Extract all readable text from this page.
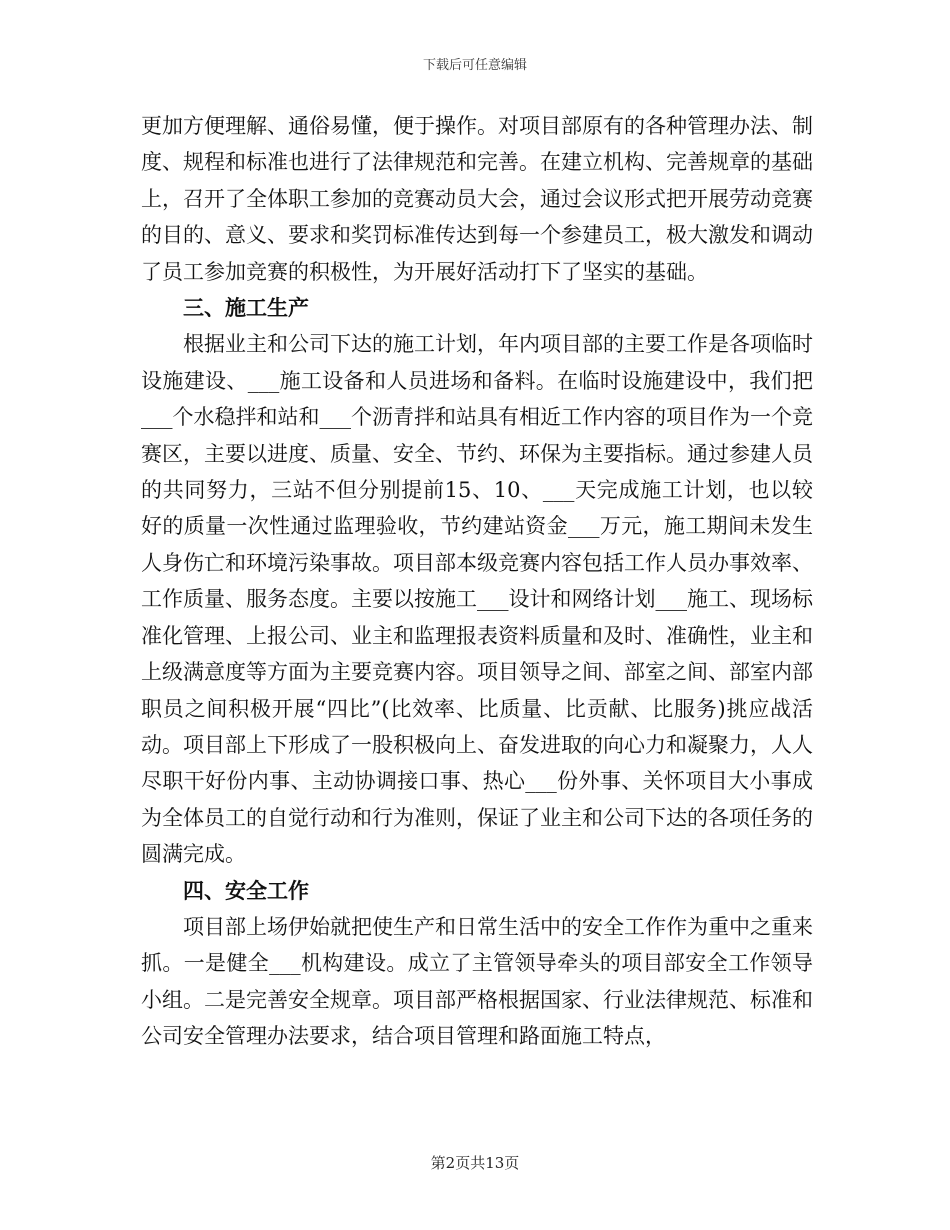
下载后可任意编辑

更加方便理解、通俗易懂，便于操作。对项目部原有的各种管理办法、制度、规程和标准也进行了法律规范和完善。在建立机构、完善规章的基础上，召开了全体职工参加的竞赛动员大会，通过会议形式把开展劳动竞赛的目的、意义、要求和奖罚标准传达到每一个参建员工，极大激发和调动了员工参加竞赛的积极性，为开展好活动打下了坚实的基础。

三、施工生产

根据业主和公司下达的施工计划，年内项目部的主要工作是各项临时设施建设、___施工设备和人员进场和备料。在临时设施建设中，我们把___个水稳拌和站和___个沥青拌和站具有相近工作内容的项目作为一个竞赛区，主要以进度、质量、安全、节约、环保为主要指标。通过参建人员的共同努力，三站不但分别提前15、10、___天完成施工计划，也以较好的质量一次性通过监理验收，节约建站资金___万元，施工期间未发生人身伤亡和环境污染事故。项目部本级竞赛内容包括工作人员办事效率、工作质量、服务态度。主要以按施工___设计和网络计划___施工、现场标准化管理、上报公司、业主和监理报表资料质量和及时、准确性，业主和上级满意度等方面为主要竞赛内容。项目领导之间、部室之间、部室内部职员之间积极开展“四比”(比效率、比质量、比贡献、比服务)挑应战活动。项目部上下形成了一股积极向上、奋发进取的向心力和凝聚力，人人尽职干好份内事、主动协调接口事、热心___份外事、关怀项目大小事成为全体员工的自觉行动和行为准则，保证了业主和公司下达的各项任务的圆满完成。

四、安全工作

项目部上场伊始就把使生产和日常生活中的安全工作作为重中之重来抓。一是健全___机构建设。成立了主管领导牵头的项目部安全工作领导小组。二是完善安全规章。项目部严格根据国家、行业法律规范、标准和公司安全管理办法要求，结合项目管理和路面施工特点，

第2页共13页
